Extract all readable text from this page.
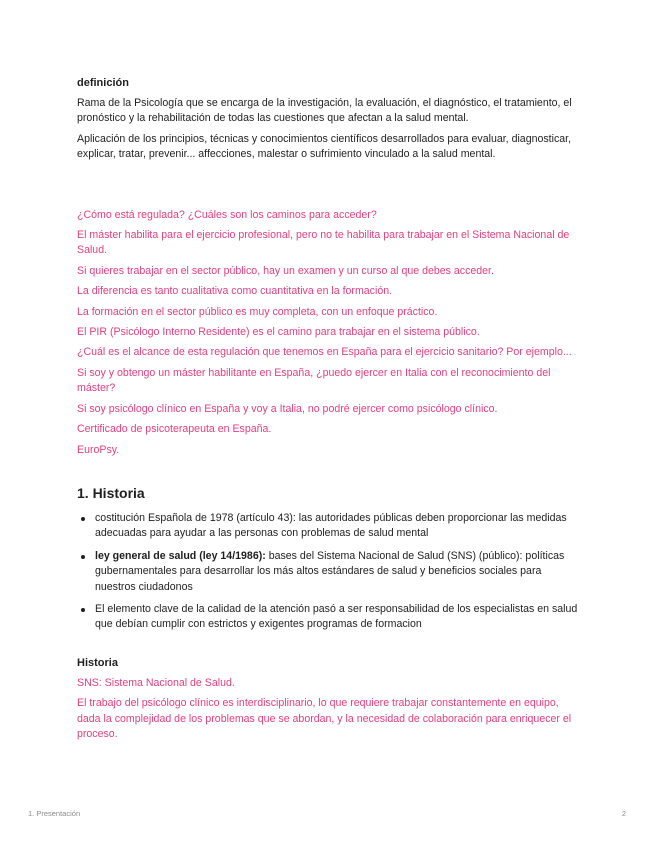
definición

Rama de la Psicología que se encarga de la investigación, la evaluación, el diagnóstico, el tratamiento, el pronóstico y la rehabilitación de todas las cuestiones que afectan a la salud mental.

Aplicación de los principios, técnicas y conocimientos científicos desarrollados para evaluar, diagnosticar, explicar, tratar, prevenir... affecciones, malestar o sufrimiento vinculado a la salud mental.

¿Cómo está regulada? ¿Cuáles son los caminos para acceder?

El máster habilita para el ejercicio profesional, pero no te habilita para trabajar en el Sistema Nacional de Salud.

Si quieres trabajar en el sector público, hay un examen y un curso al que debes acceder.

La diferencia es tanto cualitativa como cuantitativa en la formación.

La formación en el sector público es muy completa, con un enfoque práctico.

El PIR (Psicólogo Interno Residente) es el camino para trabajar en el sistema público.

¿Cuál es el alcance de esta regulación que tenemos en España para el ejercicio sanitario? Por ejemplo...

Si soy y obtengo un máster habilitante en España, ¿puedo ejercer en Italia con el reconocimiento del máster?

Si soy psicólogo clínico en España y voy a Italia, no podré ejercer como psicólogo clínico.

Certificado de psicoterapeuta en España.

EuroPsy.

1. Historia
costitución Española de 1978 (artículo 43): las autoridades públicas deben proporcionar las medidas adecuadas para ayudar a las personas con problemas de salud mental
ley general de salud (ley 14/1986): bases del Sistema Nacional de Salud (SNS) (público): políticas gubernamentales para desarrollar los más altos estándares de salud y beneficios sociales para nuestros ciudadonos
El elemento clave de la calidad de la atención pasó a ser responsabilidad de los especialistas en salud que debían cumplir con estrictos y exigentes programas de formacion
Historia

SNS: Sistema Nacional de Salud.

El trabajo del psicólogo clínico es interdisciplinario, lo que requiere trabajar constantemente en equipo, dada la complejidad de los problemas que se abordan, y la necesidad de colaboración para enriquecer el proceso.

1. Presentación	2
